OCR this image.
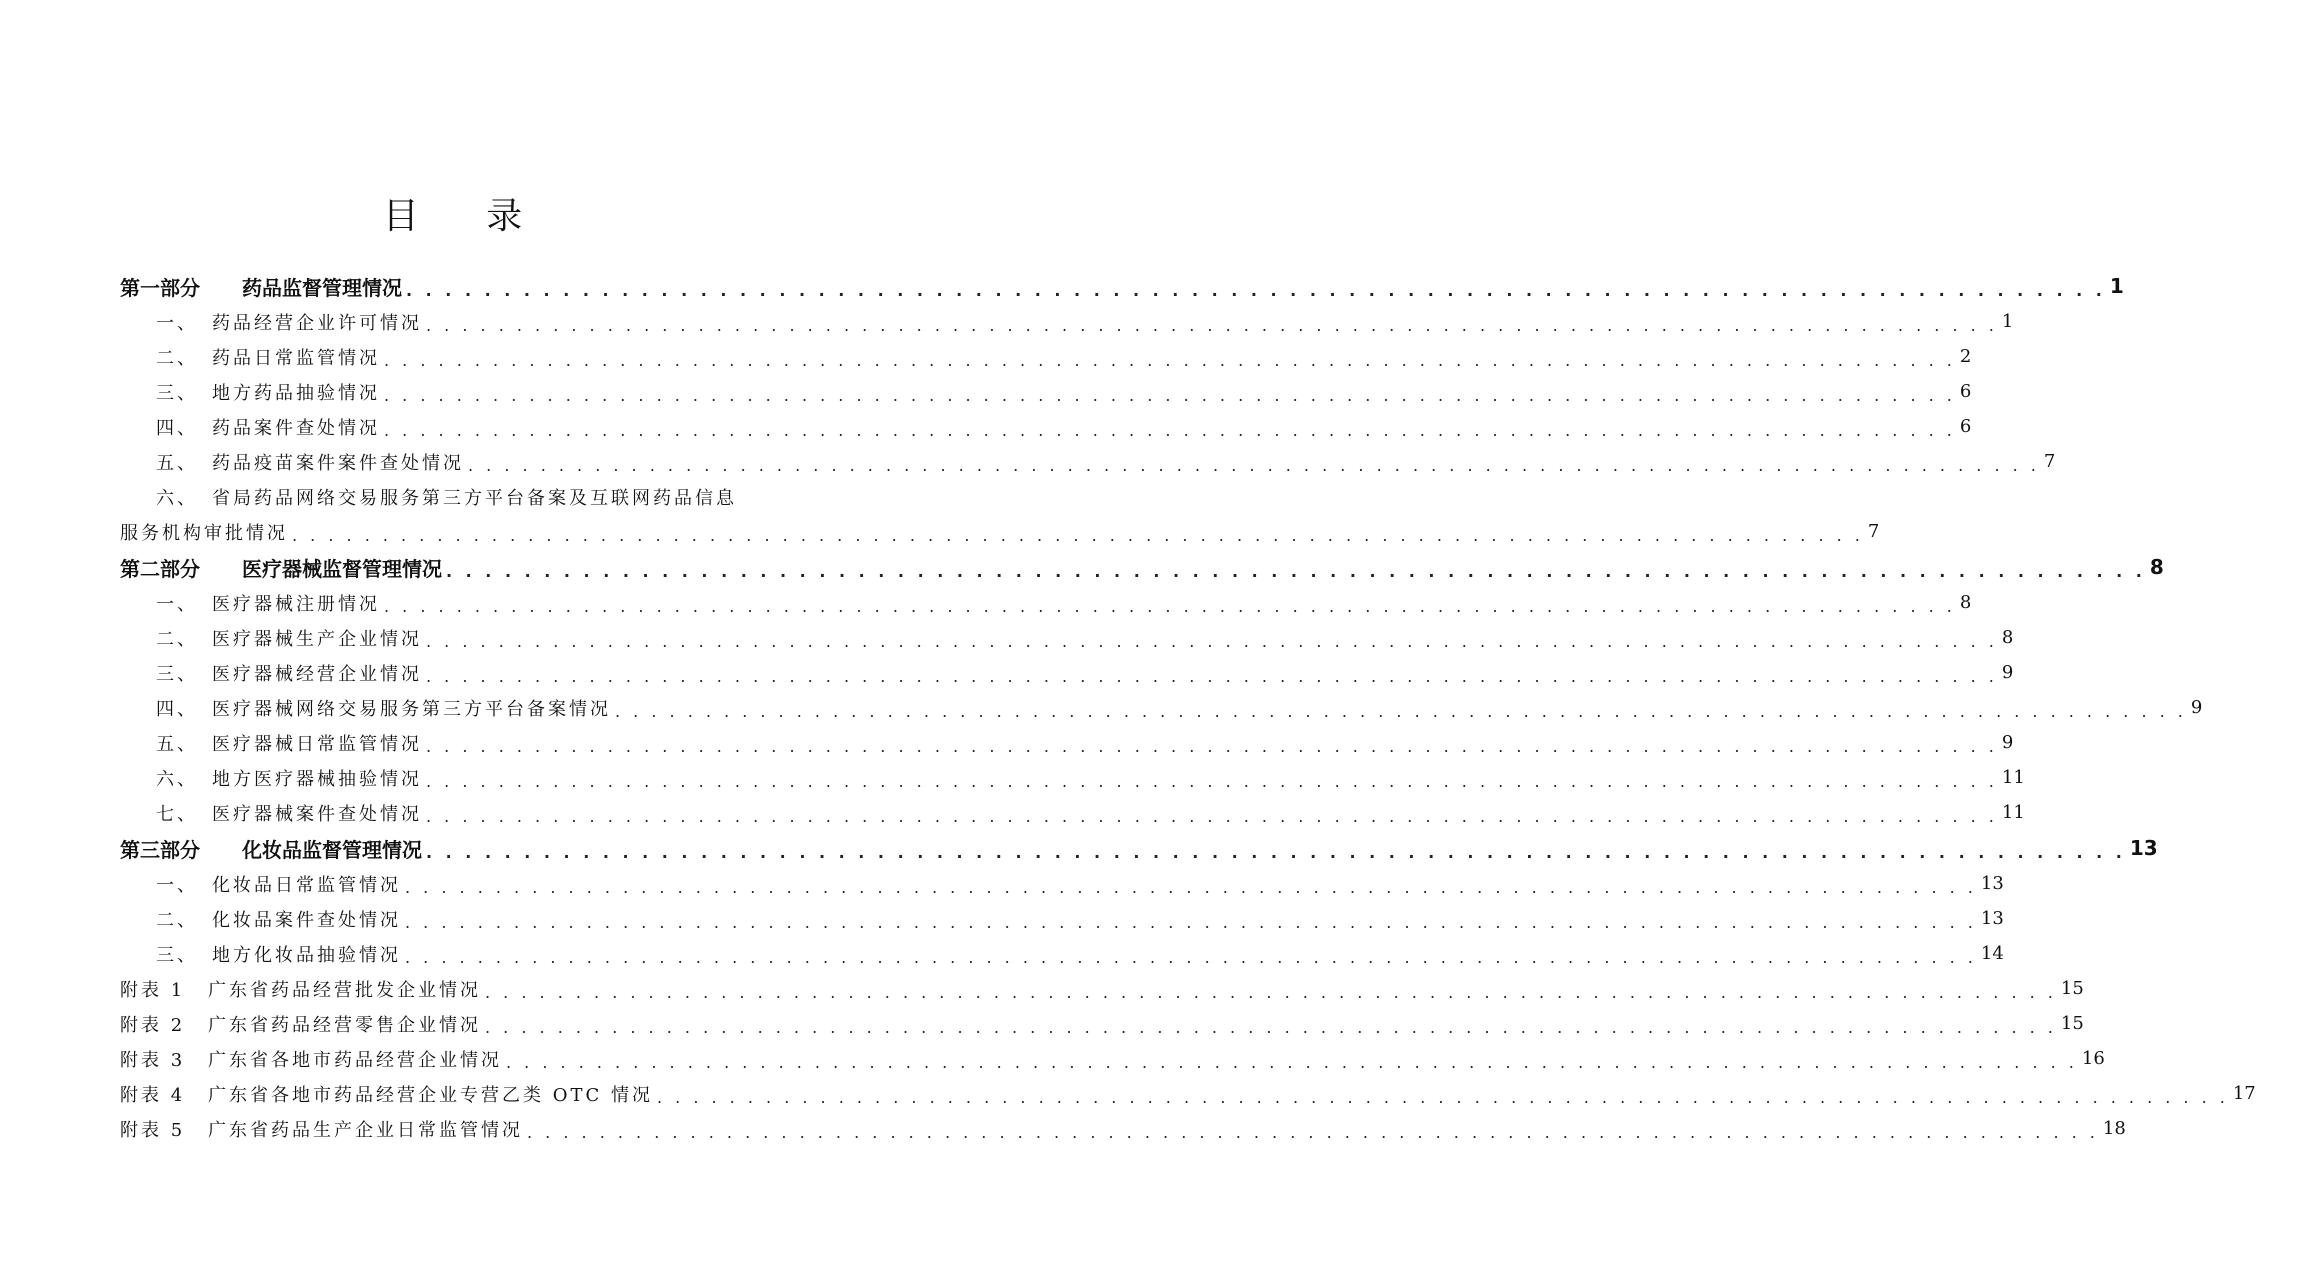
目 录
第一部分	药品监督管理情况 . . . . . . . . . . . . . . . . . . . . . . . . . . . . . . . . . . . . . . . . . . . . . . . . . . . . . . . . . . . . . . . . . . . . . . . . . . . . . . . . . . . . . . . 1
一、 药品经营企业许可情况 . . . . . . . . . . . . . . . . . . . . . . . . . . . . . . . . . . . . . . . . . . . . . . . . . . . . . . . . . . . . . . . . . . . . . . . . . . . . . . . . . . . . . . . 1
二、 药品日常监管情况 . . . . . . . . . . . . . . . . . . . . . . . . . . . . . . . . . . . . . . . . . . . . . . . . . . . . . . . . . . . . . . . . . . . . . . . . . . . . . . . . . . . . . . . 2
三、 地方药品抽验情况 . . . . . . . . . . . . . . . . . . . . . . . . . . . . . . . . . . . . . . . . . . . . . . . . . . . . . . . . . . . . . . . . . . . . . . . . . . . . . . . . . . . . . . . 6
四、 药品案件查处情况 . . . . . . . . . . . . . . . . . . . . . . . . . . . . . . . . . . . . . . . . . . . . . . . . . . . . . . . . . . . . . . . . . . . . . . . . . . . . . . . . . . . . . . . 6
五、 药品疫苗案件案件查处情况 . . . . . . . . . . . . . . . . . . . . . . . . . . . . . . . . . . . . . . . . . . . . . . . . . . . . . . . . . . . . . . . . . . . . . . . . . . . . . . . . . . . . . . . 7
六、 省局药品网络交易服务第三方平台备案及互联网药品信息
服务机构审批情况 . . . . . . . . . . . . . . . . . . . . . . . . . . . . . . . . . . . . . . . . . . . . . . . . . . . . . . . . . . . . . . . . . . . . . . . . . . . . . . . . . . . . . . . 7
第二部分	医疗器械监督管理情况 . . . . . . . . . . . . . . . . . . . . . . . . . . . . . . . . . . . . . . . . . . . . . . . . . . . . . . . . . . . . . . . . . . . . . . . . . . . . . . . . . . . . . . . 8
一、 医疗器械注册情况 . . . . . . . . . . . . . . . . . . . . . . . . . . . . . . . . . . . . . . . . . . . . . . . . . . . . . . . . . . . . . . . . . . . . . . . . . . . . . . . . . . . . . . . 8
二、 医疗器械生产企业情况 . . . . . . . . . . . . . . . . . . . . . . . . . . . . . . . . . . . . . . . . . . . . . . . . . . . . . . . . . . . . . . . . . . . . . . . . . . . . . . . . . . . . . . . 8
三、 医疗器械经营企业情况 . . . . . . . . . . . . . . . . . . . . . . . . . . . . . . . . . . . . . . . . . . . . . . . . . . . . . . . . . . . . . . . . . . . . . . . . . . . . . . . . . . . . . . . 9
四、 医疗器械网络交易服务第三方平台备案情况 . . . . . . . . . . . . . . . . . . . . . . . . . . . . . . . . . . . . . . . . . . . . . . . . . . . . . . . . . . . . . . . . . . . . . . . . . . . . . . . . . . . . . . . 9
五、 医疗器械日常监管情况 . . . . . . . . . . . . . . . . . . . . . . . . . . . . . . . . . . . . . . . . . . . . . . . . . . . . . . . . . . . . . . . . . . . . . . . . . . . . . . . . . . . . . . . 9
六、 地方医疗器械抽验情况 . . . . . . . . . . . . . . . . . . . . . . . . . . . . . . . . . . . . . . . . . . . . . . . . . . . . . . . . . . . . . . . . . . . . . . . . . . . . . . . . . . . . . . . 11
七、 医疗器械案件查处情况 . . . . . . . . . . . . . . . . . . . . . . . . . . . . . . . . . . . . . . . . . . . . . . . . . . . . . . . . . . . . . . . . . . . . . . . . . . . . . . . . . . . . . . . 11
第三部分	化妆品监督管理情况 . . . . . . . . . . . . . . . . . . . . . . . . . . . . . . . . . . . . . . . . . . . . . . . . . . . . . . . . . . . . . . . . . . . . . . . . . . . . . . . . . . . . . . . 13
一、 化妆品日常监管情况 . . . . . . . . . . . . . . . . . . . . . . . . . . . . . . . . . . . . . . . . . . . . . . . . . . . . . . . . . . . . . . . . . . . . . . . . . . . . . . . . . . . . . . . 13
二、 化妆品案件查处情况 . . . . . . . . . . . . . . . . . . . . . . . . . . . . . . . . . . . . . . . . . . . . . . . . . . . . . . . . . . . . . . . . . . . . . . . . . . . . . . . . . . . . . . . 13
三、 地方化妆品抽验情况 . . . . . . . . . . . . . . . . . . . . . . . . . . . . . . . . . . . . . . . . . . . . . . . . . . . . . . . . . . . . . . . . . . . . . . . . . . . . . . . . . . . . . . . 14
附表 1	广东省药品经营批发企业情况 . . . . . . . . . . . . . . . . . . . . . . . . . . . . . . . . . . . . . . . . . . . . . . . . . . . . . . . . . . . . . . . . . . . . . . . . . . . . . . . . . . . . . . . 15
附表 2	广东省药品经营零售企业情况 . . . . . . . . . . . . . . . . . . . . . . . . . . . . . . . . . . . . . . . . . . . . . . . . . . . . . . . . . . . . . . . . . . . . . . . . . . . . . . . . . . . . . . . 15
附表 3	广东省各地市药品经营企业情况 . . . . . . . . . . . . . . . . . . . . . . . . . . . . . . . . . . . . . . . . . . . . . . . . . . . . . . . . . . . . . . . . . . . . . . . . . . . . . . . . . . . . . . . 16
附表 4	广东省各地市药品经营企业专营乙类 OTC 情况 . . . . . . . . . . . . . . . . . . . . . . . . . . . . . . . . . . . . . . . . . . . . . . . . . . . . . . . . . . . . . . . . . . . . . . . . . . . . . . . . . . . . . . . 17
附表 5	广东省药品生产企业日常监管情况 . . . . . . . . . . . . . . . . . . . . . . . . . . . . . . . . . . . . . . . . . . . . . . . . . . . . . . . . . . . . . . . . . . . . . . . . . . . . . . . . . . . . . . . 18
